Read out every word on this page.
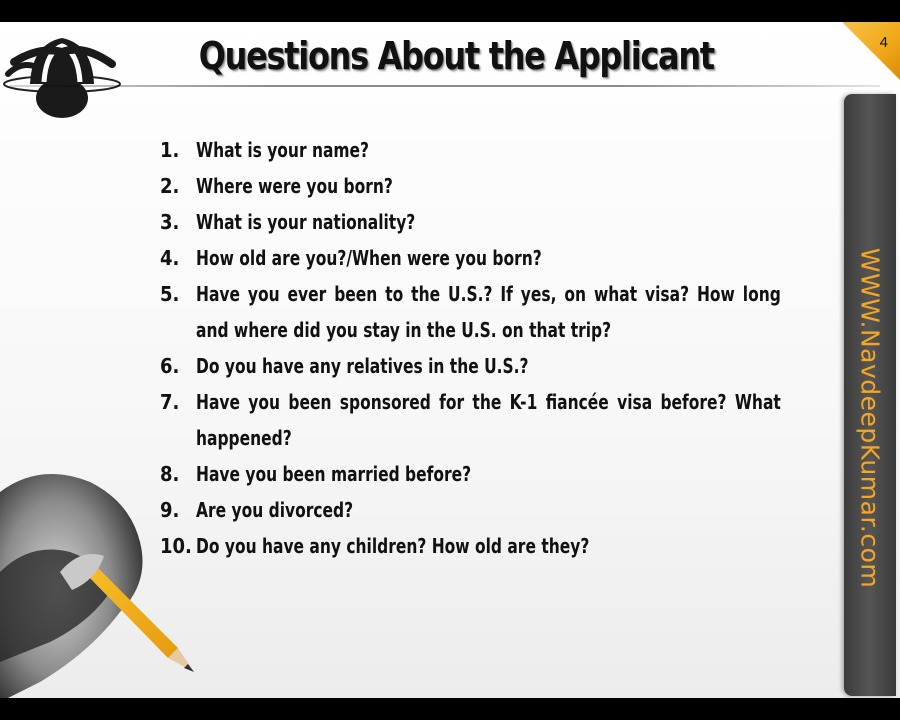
Questions About the Applicant	4
1. What is your name?
2. Where were you born?
3. What is your nationality?
4. How old are you?/When were you born?
5. Have you ever been to the U.S.? If yes, on what visa? How long and where did you stay in the U.S. on that trip?
6. Do you have any relatives in the U.S.?
7. Have you been sponsored for the K-1 fiancée visa before? What happened?
8. Have you been married before?
9. Are you divorced?
10. Do you have any children? How old are they?	WWW.NavdeepKumar.com
